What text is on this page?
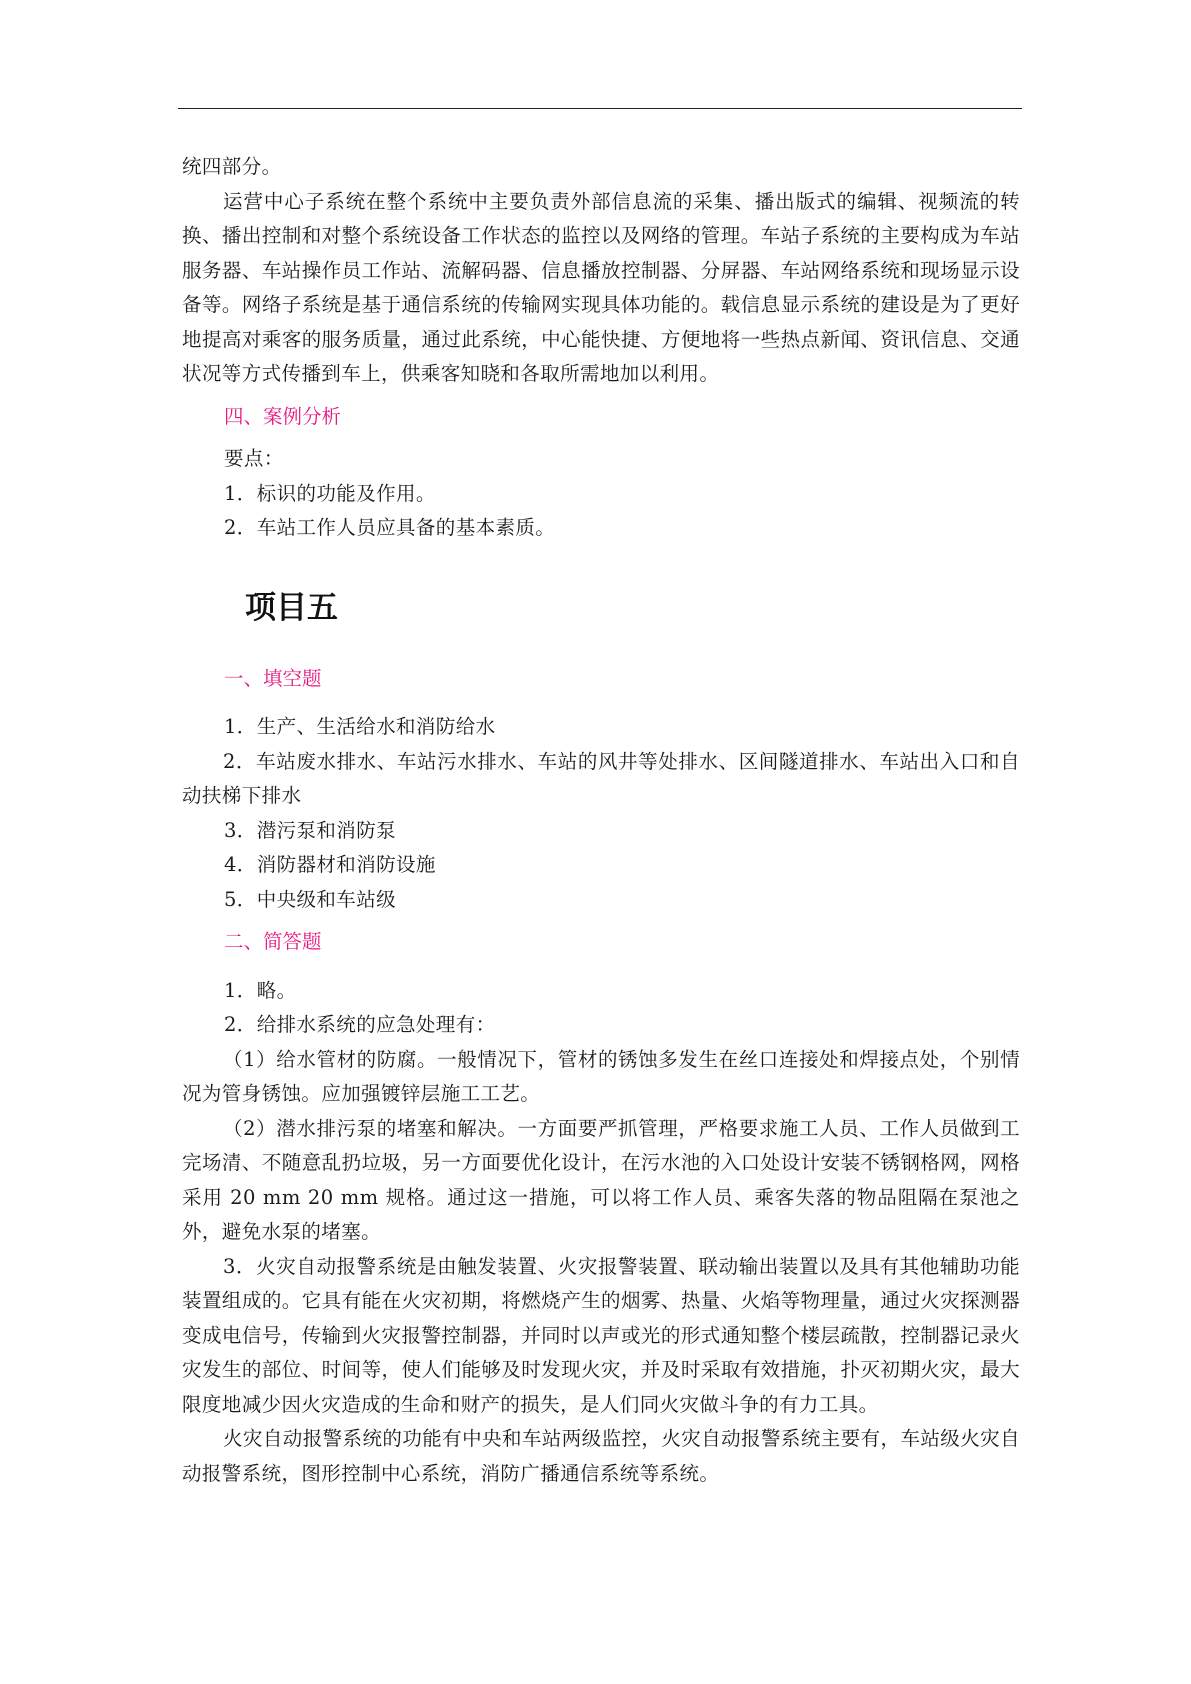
统四部分。

运营中心子系统在整个系统中主要负责外部信息流的采集、播出版式的编辑、视频流的转换、播出控制和对整个系统设备工作状态的监控以及网络的管理。车站子系统的主要构成为车站服务器、车站操作员工作站、流解码器、信息播放控制器、分屏器、车站网络系统和现场显示设备等。网络子系统是基于通信系统的传输网实现具体功能的。载信息显示系统的建设是为了更好地提高对乘客的服务质量，通过此系统，中心能快捷、方便地将一些热点新闻、资讯信息、交通状况等方式传播到车上，供乘客知晓和各取所需地加以利用。

四、案例分析

要点：

1．标识的功能及作用。

2．车站工作人员应具备的基本素质。

项目五

一、填空题

1．生产、生活给水和消防给水

2．车站废水排水、车站污水排水、车站的风井等处排水、区间隧道排水、车站出入口和自动扶梯下排水

3．潜污泵和消防泵

4．消防器材和消防设施

5．中央级和车站级

二、简答题

1．略。

2．给排水系统的应急处理有：

（1）给水管材的防腐。一般情况下，管材的锈蚀多发生在丝口连接处和焊接点处，个别情况为管身锈蚀。应加强镀锌层施工工艺。

（2）潜水排污泵的堵塞和解决。一方面要严抓管理，严格要求施工人员、工作人员做到工完场清、不随意乱扔垃圾，另一方面要优化设计，在污水池的入口处设计安装不锈钢格网，网格采用 20 mm 20 mm 规格。通过这一措施，可以将工作人员、乘客失落的物品阻隔在泵池之外，避免水泵的堵塞。

3．火灾自动报警系统是由触发装置、火灾报警装置、联动输出装置以及具有其他辅助功能装置组成的。它具有能在火灾初期，将燃烧产生的烟雾、热量、火焰等物理量，通过火灾探测器变成电信号，传输到火灾报警控制器，并同时以声或光的形式通知整个楼层疏散，控制器记录火灾发生的部位、时间等，使人们能够及时发现火灾，并及时采取有效措施，扑灭初期火灾，最大限度地减少因火灾造成的生命和财产的损失，是人们同火灾做斗争的有力工具。

火灾自动报警系统的功能有中央和车站两级监控，火灾自动报警系统主要有，车站级火灾自动报警系统，图形控制中心系统，消防广播通信系统等系统。
